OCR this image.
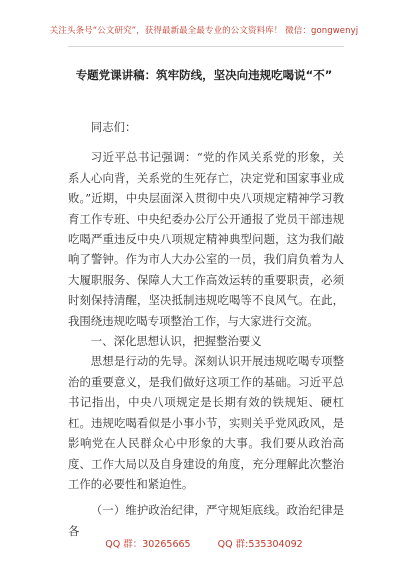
关注头条号“公文研究”，获得最新最全最专业的公文资料库！ 微信：gongwenyj
专题党课讲稿：筑牢防线，坚决向违规吃喝说“不”

同志们：

习近平总书记强调：“党的作风关系党的形象，关系人心向背，关系党的生死存亡，决定党和国家事业成败。”近期，中央层面深入贯彻中央八项规定精神学习教育工作专班、中央纪委办公厅公开通报了党员干部违规吃喝严重违反中央八项规定精神典型问题，这为我们敲响了警钟。作为市人大办公室的一员，我们肩负着为人大履职服务、保障人大工作高效运转的重要职责，必须时刻保持清醒，坚决抵制违规吃喝等不良风气。在此，我围绕违规吃喝专项整治工作，与大家进行交流。

一、深化思想认识，把握整治要义

思想是行动的先导。深刻认识开展违规吃喝专项整治的重要意义，是我们做好这项工作的基础。习近平总书记指出，中央八项规定是长期有效的铁规矩、硬杠杠。违规吃喝看似是小事小节，实则关乎党风政风，是影响党在人民群众心中形象的大事。我们要从政治高度、工作大局以及自身建设的角度，充分理解此次整治工作的必要性和紧迫性。

（一）维护政治纪律，严守规矩底线。政治纪律是各

QQ 群：30265665	QQ 群:535304092
